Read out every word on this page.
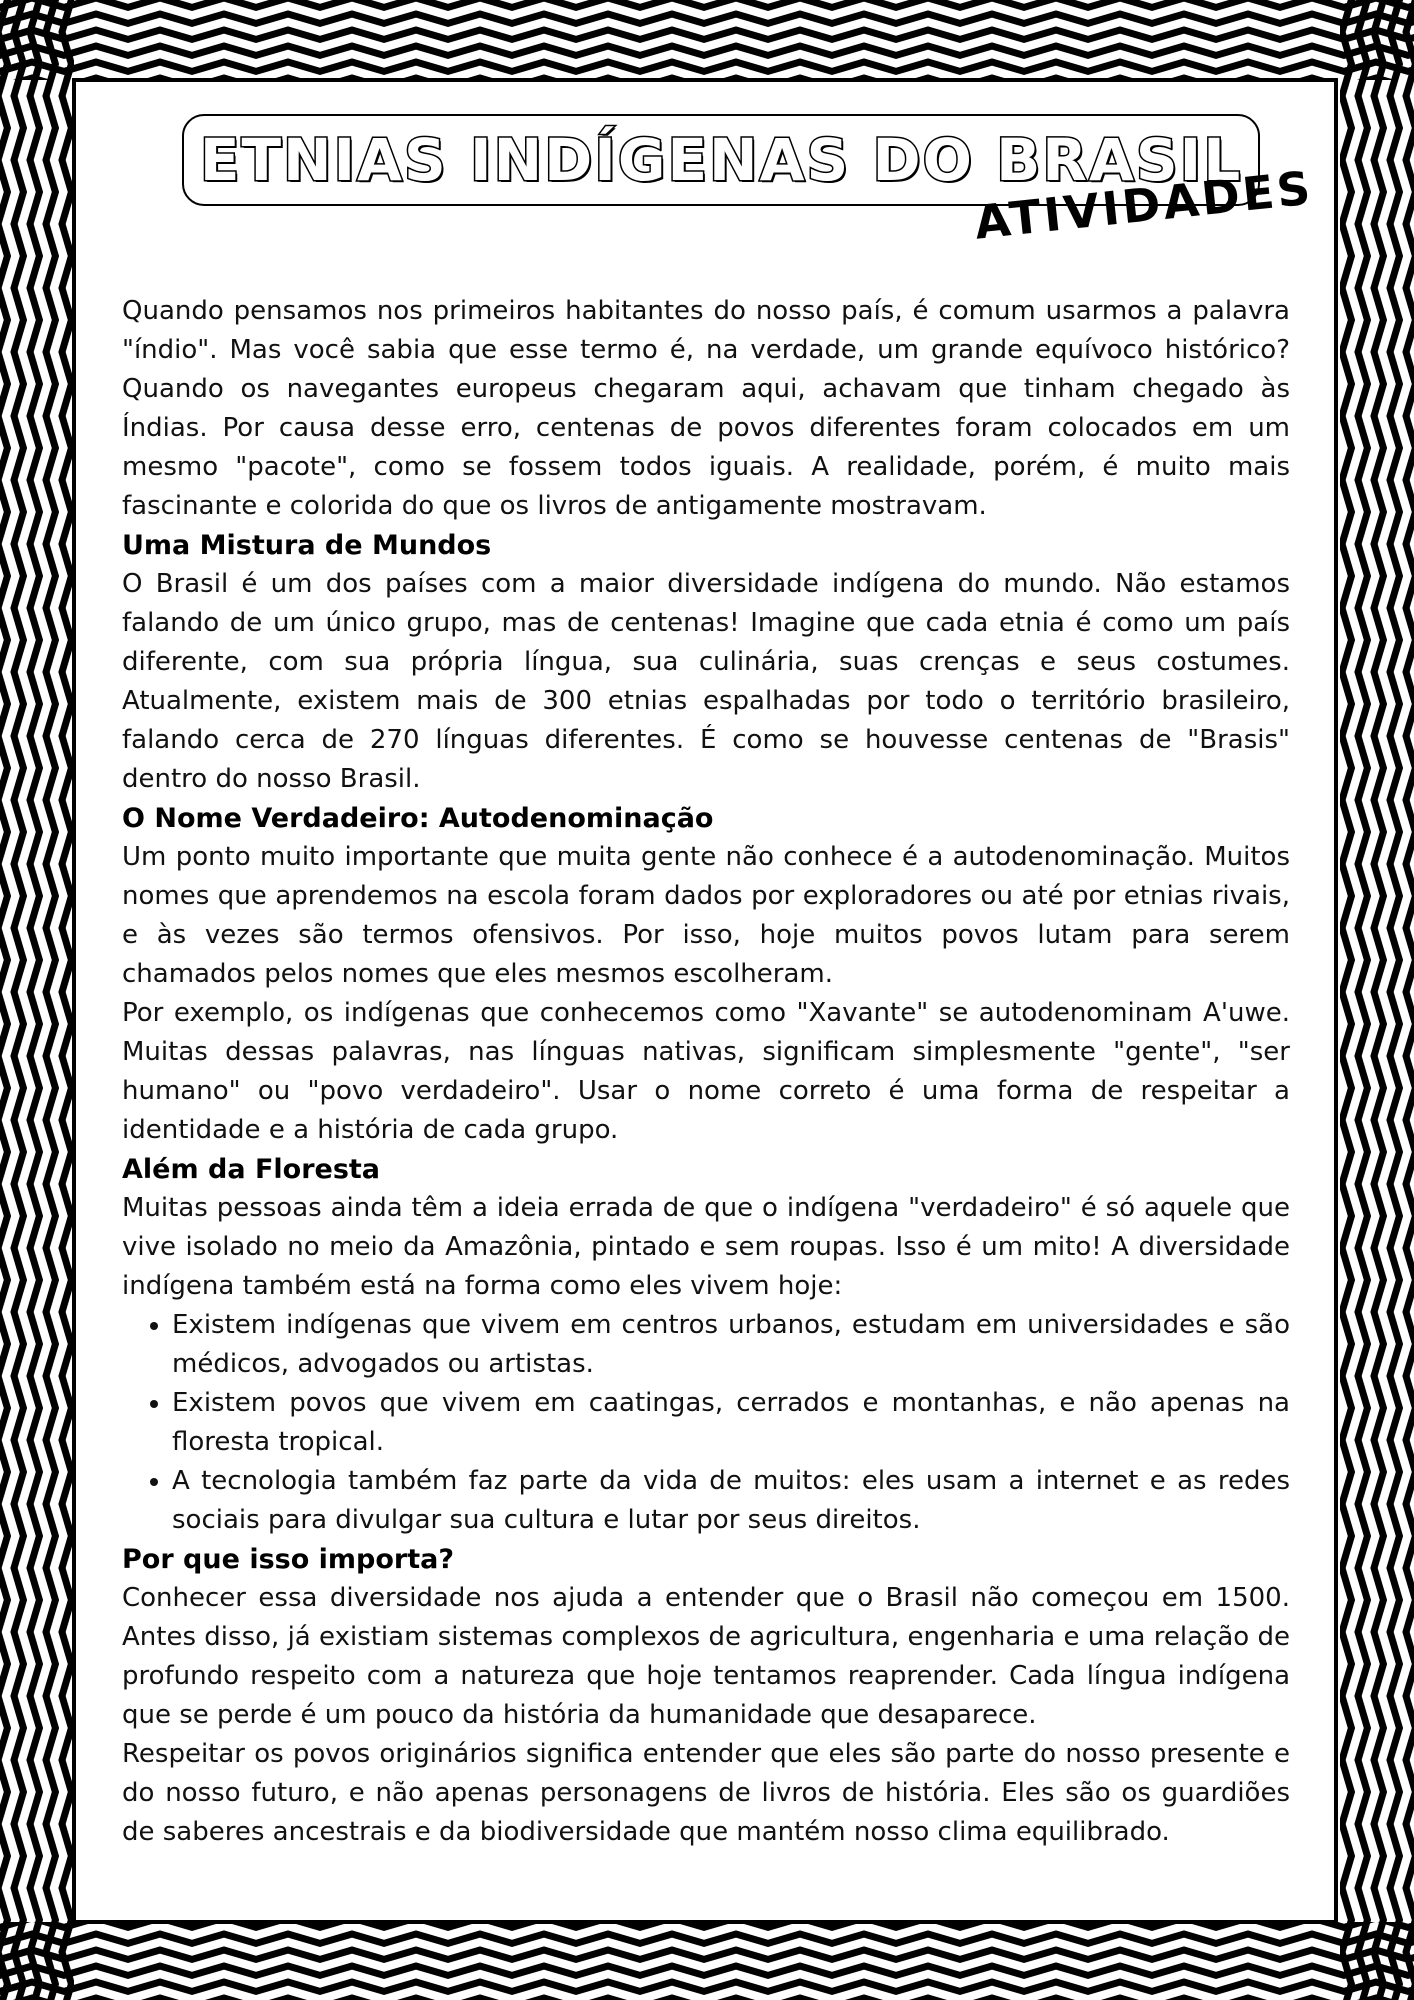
ETNIAS INDÍGENAS DO BRASIL
ATIVIDADES

Quando pensamos nos primeiros habitantes do nosso país, é comum usarmos a palavra "índio". Mas você sabia que esse termo é, na verdade, um grande equívoco histórico? Quando os navegantes europeus chegaram aqui, achavam que tinham chegado às Índias. Por causa desse erro, centenas de povos diferentes foram colocados em um mesmo "pacote", como se fossem todos iguais. A realidade, porém, é muito mais fascinante e colorida do que os livros de antigamente mostravam.

Uma Mistura de Mundos

O Brasil é um dos países com a maior diversidade indígena do mundo. Não estamos falando de um único grupo, mas de centenas! Imagine que cada etnia é como um país diferente, com sua própria língua, sua culinária, suas crenças e seus costumes. Atualmente, existem mais de 300 etnias espalhadas por todo o território brasileiro, falando cerca de 270 línguas diferentes. É como se houvesse centenas de "Brasis" dentro do nosso Brasil.

O Nome Verdadeiro: Autodenominação

Um ponto muito importante que muita gente não conhece é a autodenominação. Muitos nomes que aprendemos na escola foram dados por exploradores ou até por etnias rivais, e às vezes são termos ofensivos. Por isso, hoje muitos povos lutam para serem chamados pelos nomes que eles mesmos escolheram.

Por exemplo, os indígenas que conhecemos como "Xavante" se autodenominam A'uwe. Muitas dessas palavras, nas línguas nativas, significam simplesmente "gente", "ser humano" ou "povo verdadeiro". Usar o nome correto é uma forma de respeitar a identidade e a história de cada grupo.

Além da Floresta

Muitas pessoas ainda têm a ideia errada de que o indígena "verdadeiro" é só aquele que vive isolado no meio da Amazônia, pintado e sem roupas. Isso é um mito! A diversidade indígena também está na forma como eles vivem hoje:

• Existem indígenas que vivem em centros urbanos, estudam em universidades e são médicos, advogados ou artistas.
• Existem povos que vivem em caatingas, cerrados e montanhas, e não apenas na floresta tropical.
• A tecnologia também faz parte da vida de muitos: eles usam a internet e as redes sociais para divulgar sua cultura e lutar por seus direitos.
Por que isso importa?

Conhecer essa diversidade nos ajuda a entender que o Brasil não começou em 1500. Antes disso, já existiam sistemas complexos de agricultura, engenharia e uma relação de profundo respeito com a natureza que hoje tentamos reaprender. Cada língua indígena que se perde é um pouco da história da humanidade que desaparece.

Respeitar os povos originários significa entender que eles são parte do nosso presente e do nosso futuro, e não apenas personagens de livros de história. Eles são os guardiões de saberes ancestrais e da biodiversidade que mantém nosso clima equilibrado.
